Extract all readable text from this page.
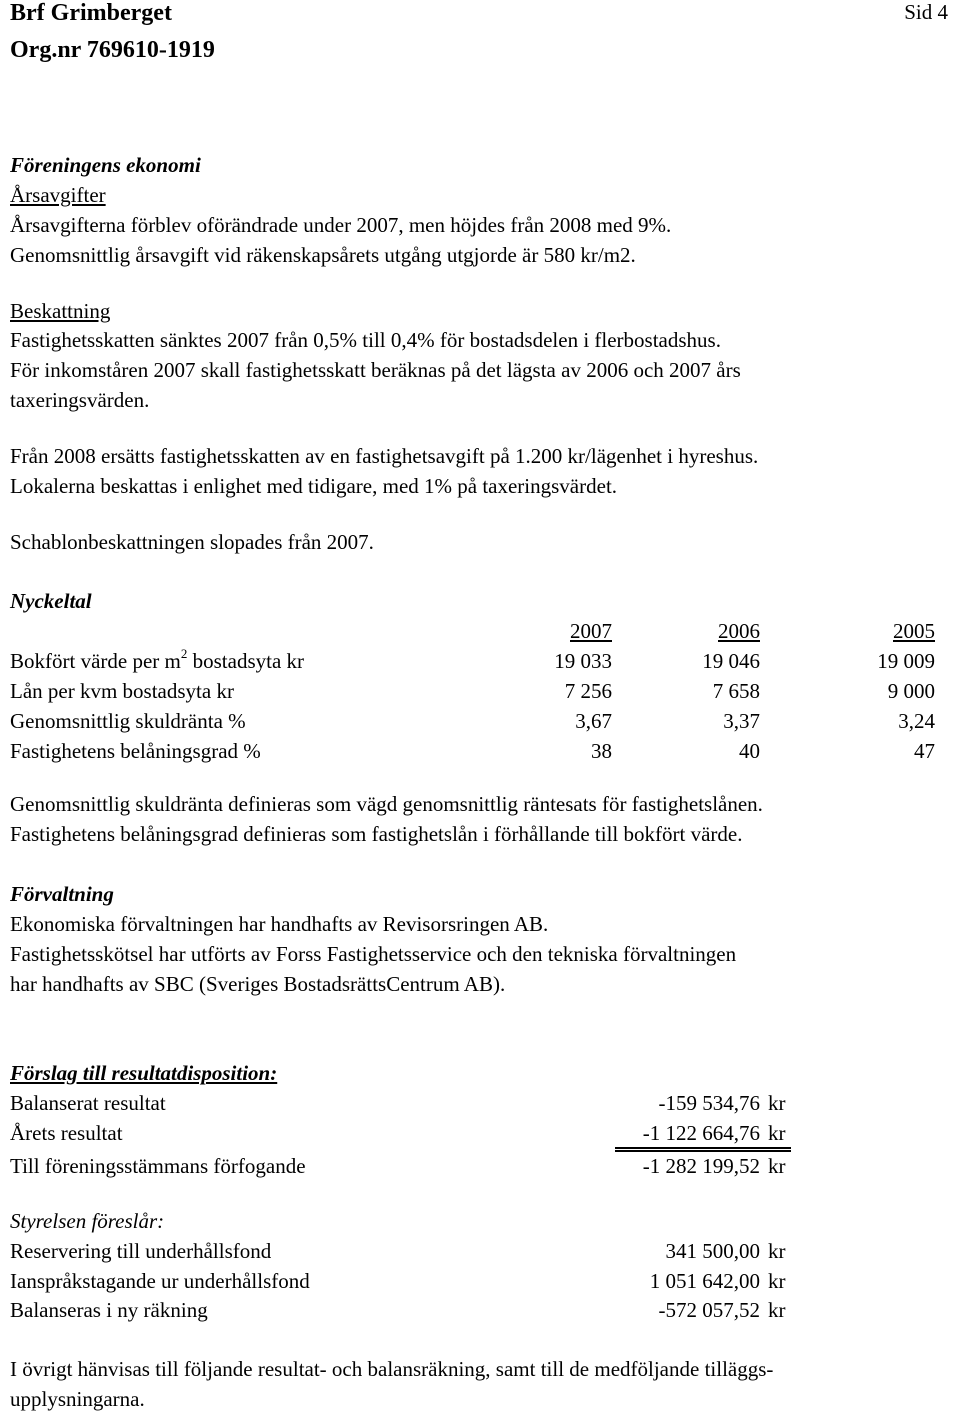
Brf Grimberget
Org.nr 769610-1919
Sid 4
Föreningens ekonomi
Årsavgifter
Årsavgifterna förblev oförändrade under 2007, men höjdes från 2008 med 9%.
Genomsnittlig årsavgift vid räkenskapsårets utgång utgjorde är 580 kr/m2.
Beskattning
Fastighetsskatten sänktes 2007 från 0,5% till 0,4% för bostadsdelen i flerbostadshus.
För inkomståren 2007 skall fastighetsskatt beräknas på det lägsta av 2006 och 2007 års
taxeringsvärden.
Från 2008 ersätts fastighetsskatten av en fastighetsavgift på 1.200 kr/lägenhet i hyreshus.
Lokalerna beskattas i enlighet med tidigare, med 1% på taxeringsvärdet.
Schablonbeskattningen slopades från 2007.
Nyckeltal
2007	2006	2005
Bokfört värde per $m^2$ bostadsyta kr	19 033	19 046	19 009
Lån per kvm bostadsyta kr	7 256	7 658	9 000
Genomsnittlig skuldränta %	3,67	3,37	3,24
Fastighetens belåningsgrad %	38	40	47
Genomsnittlig skuldränta definieras som vägd genomsnittlig räntesats för fastighetslånen.
Fastighetens belåningsgrad definieras som fastighetslån i förhållande till bokfört värde.
Förvaltning
Ekonomiska förvaltningen har handhafts av Revisorsringen AB.
Fastighetsskötsel har utförts av Forss Fastighetsservice och den tekniska förvaltningen
har handhafts av SBC (Sveriges BostadsrättsCentrum AB).
Förslag till resultatdisposition:
Balanserat resultat	-159 534,76 kr
Årets resultat	-1 122 664,76 kr
Till föreningsstämmans förfogande	-1 282 199,52 kr
Styrelsen föreslår:
Reservering till underhållsfond	341 500,00 kr
Ianspråkstagande ur underhållsfond	1 051 642,00 kr
Balanseras i ny räkning	-572 057,52 kr
I övrigt hänvisas till följande resultat- och balansräkning, samt till de medföljande tilläggs-
upplysningarna.
